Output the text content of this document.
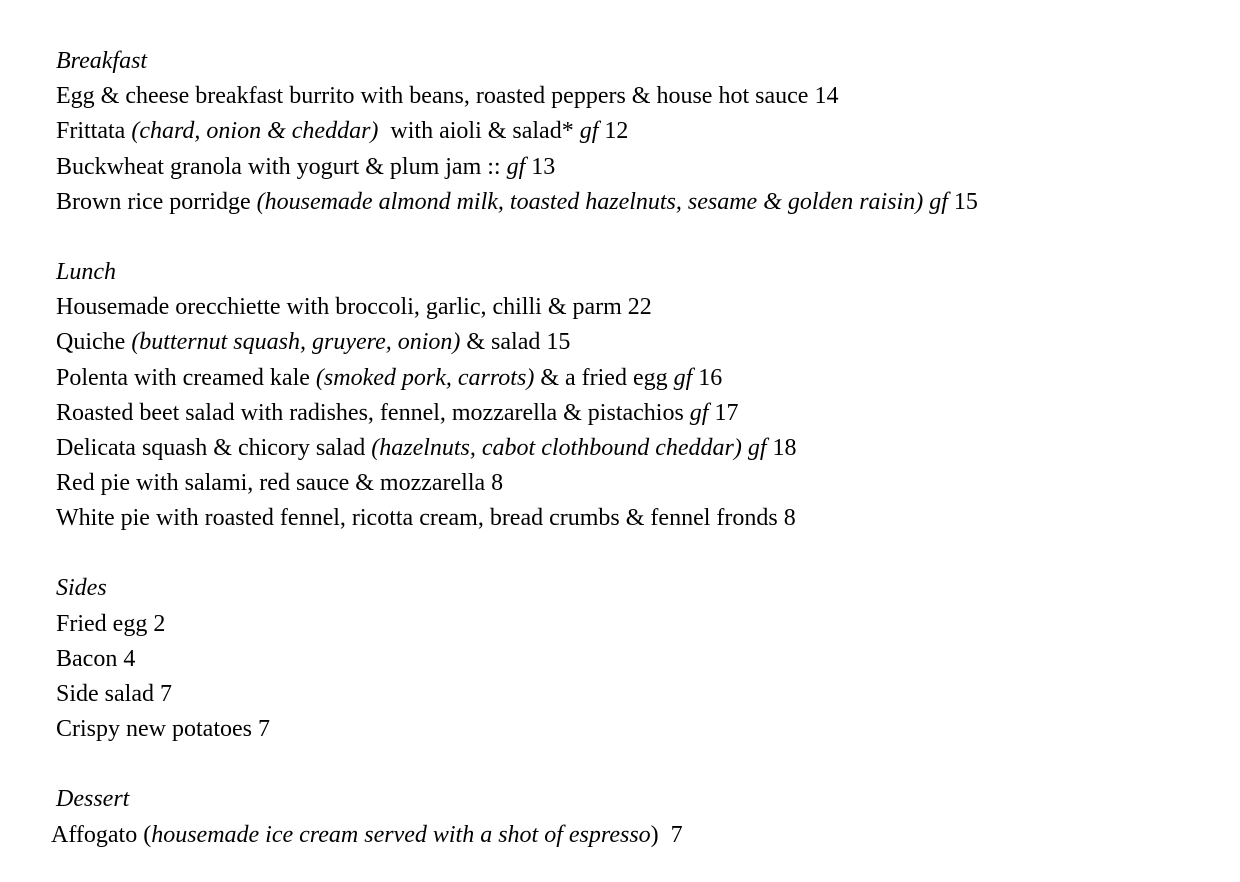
Breakfast
Egg & cheese breakfast burrito with beans, roasted peppers & house hot sauce 14
Frittata (chard, onion & cheddar) with aioli & salad* gf 12
Buckwheat granola with yogurt & plum jam :: gf 13
Brown rice porridge (housemade almond milk, toasted hazelnuts, sesame & golden raisin) gf 15
Lunch
Housemade orecchiette with broccoli, garlic, chilli & parm 22
Quiche (butternut squash, gruyere, onion) & salad 15
Polenta with creamed kale (smoked pork, carrots) & a fried egg gf 16
Roasted beet salad with radishes, fennel, mozzarella & pistachios gf 17
Delicata squash & chicory salad (hazelnuts, cabot clothbound cheddar) gf 18
Red pie with salami, red sauce & mozzarella 8
White pie with roasted fennel, ricotta cream, bread crumbs & fennel fronds 8
Sides
Fried egg 2
Bacon 4
Side salad 7
Crispy new potatoes 7
Dessert
Affogato (housemade ice cream served with a shot of espresso) 7
